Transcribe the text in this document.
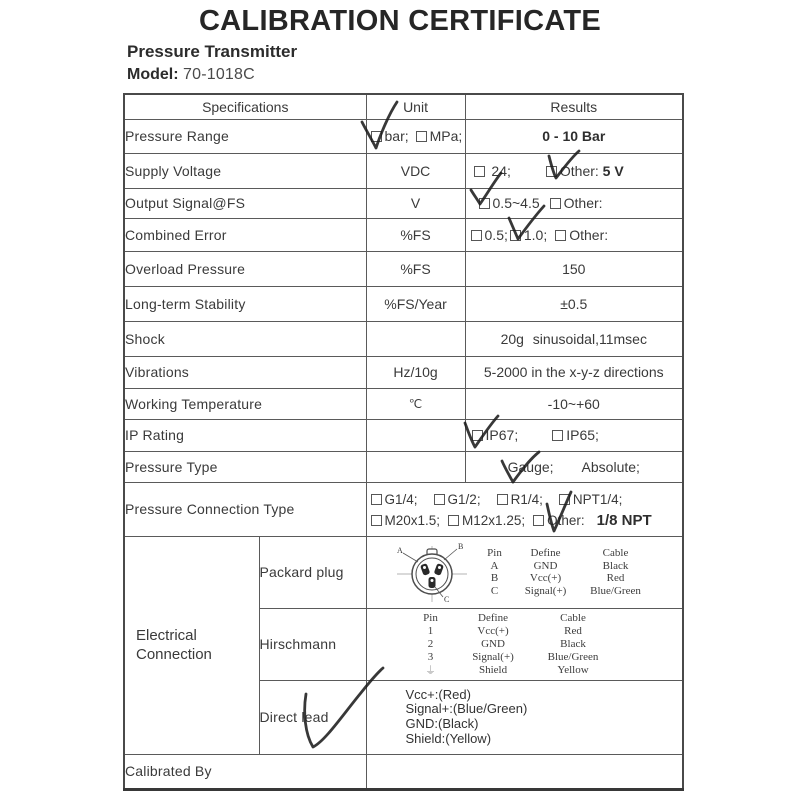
CALIBRATION CERTIFICATE
Pressure Transmitter
Model: 70-1018C
Specifications		Unit	Results
Pressure Range		bar; MPa;	0 - 10 Bar
Supply Voltage		VDC	24; Other: 5 V

Output Signal@FS		V	0.5~4.5 Other:

Combined Error		%FS	0.5; 1.0; Other:

Overload Pressure		%FS	150
Long-term Stability		%FS/Year	±0.5
Shock			20g sinusoidal,11msec
Vibrations		Hz/10g	5-2000 in the x-y-z directions
Working Temperature		℃	-10~+60
IP Rating			IP67; IP65;

Pressure Type			Gauge; Absolute;

Pressure Connection Type	
G1/4;	G1/2;	R1/4;	NPT1/4;
M20x1.5;	M12x1.25;	Other: 1/8 NPT

Electrical Connection
	Packard plug	
A	B
C
Pin	Define	Cable
A	GND	Black
B	Vcc(+)	Red
C	Signal(+)	Blue/Green

Hirschmann	
Pin	Define	Cable
1	Vcc(+)	Red
2	GND	Black
3	Signal(+)	Blue/Green
⏚	Shield	Yellow

	Direct lead	Vcc+:(Red)
Signal+:(Blue/Green)
GND:(Black)
Shield:(Yellow)	

Calibrated By			
